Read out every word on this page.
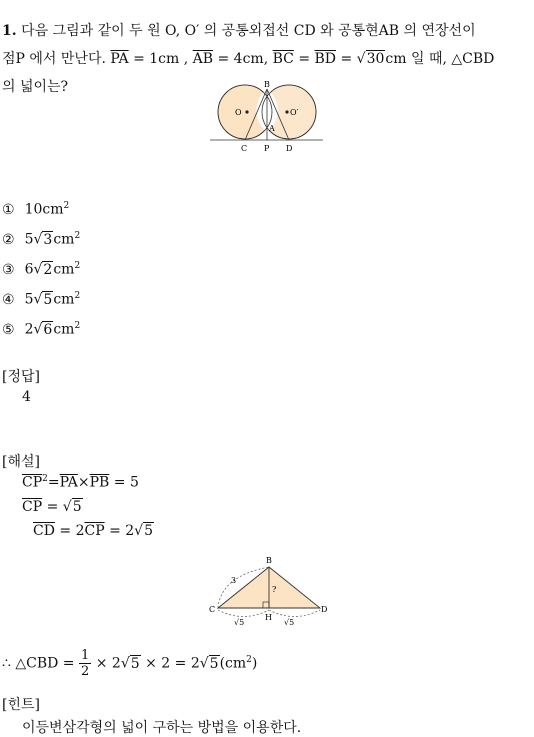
1. 다음 그림과 같이 두 원 O, O′ 의 공통외접선 CD 와 공통현AB 의 연장선이
점P 에서 만난다. $\overline{PA} = 1cm$ , $\overline{AB} = 4cm$, $\overline{BC} = \overline{BD} = √30cm$ 일 때, △CBD
의 넓이는?	B
A
O	O′
C P D
① $10cm^2$
② $5√3cm^2$
③ $6√2cm^2$
④ $5√5cm^2$
⑤ $2√6cm^2$
[정답]
4
[해설]
$\overline{CP}^2=\overline{PA}\times\overline{PB} = 5$
$\overline{CP} = √5$
$\overline{CD} = 2\overline{CP} = 2√5$
B
C
H
D
3
?
√5	√5
∴ △CBD = $\frac{1}{2} \times 2√5 \times 2 = 2√5(cm^2)$
[힌트]
이등변삼각형의 넓이 구하는 방법을 이용한다.
